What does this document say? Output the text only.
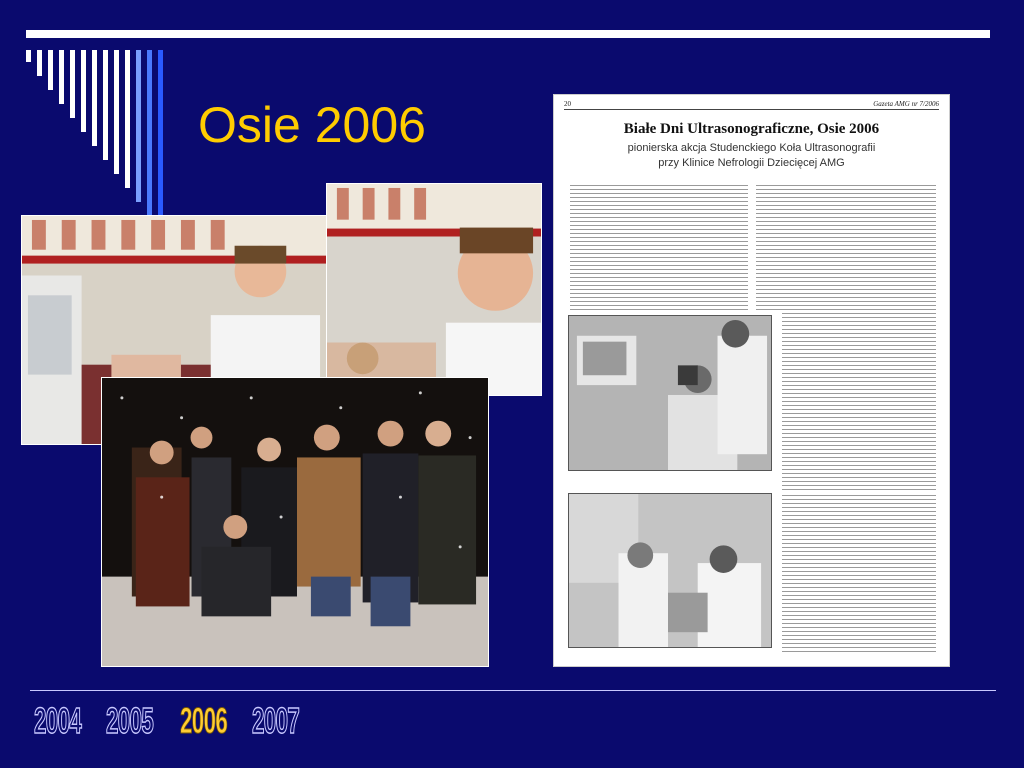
Osie 2006	20	Gazeta AMG nr 7/2006
Białe Dni Ultrasonograficzne, Osie 2006
pionierska akcja Studenckiego Koła Ultrasonografii
przy Klinice Nefrologii Dziecięcej AMG
2004 2005 2006 2007
